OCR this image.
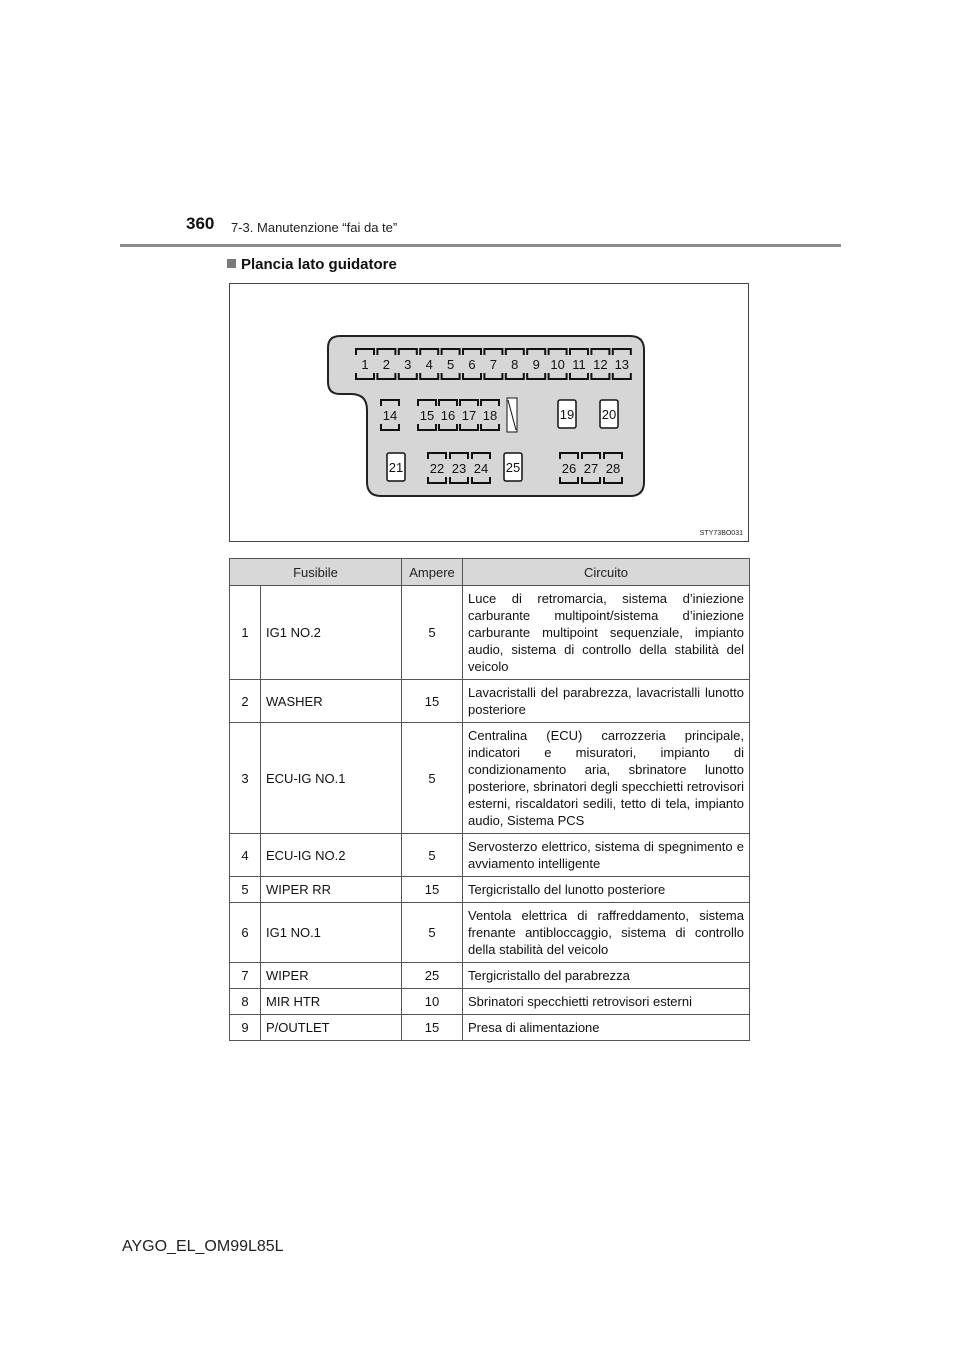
360 7-3. Manutenzione “fai da te”
Plancia lato guidatore
1 2 3 4 5 6 7 8 9 10 11 12 13
14 15 16 17 18	19 20
21 22 23 24 25	26 27 28
STY73BO031
Fusibile		Ampere	Circuito
1	IG1 NO.2	5	Luce di retromarcia, sistema d’iniezione carburante multipoint/sistema d’iniezione carburante multipoint sequenziale, impianto audio, sistema di controllo della stabilità del veicolo
2	WASHER	15	Lavacristalli del parabrezza, lavacristalli lunotto posteriore
3	ECU-IG NO.1	5	Centralina (ECU) carrozzeria principale, indicatori e misuratori, impianto di condizionamento aria, sbrinatore lunotto posteriore, sbrinatori degli specchietti retrovisori esterni, riscaldatori sedili, tetto di tela, impianto audio, Sistema PCS
4	ECU-IG NO.2	5	Servosterzo elettrico, sistema di spegnimento e avviamento intelligente
5	WIPER RR	15	Tergicristallo del lunotto posteriore
6	IG1 NO.1	5	Ventola elettrica di raffreddamento, sistema frenante antibloccaggio, sistema di controllo della stabilità del veicolo
7	WIPER	25	Tergicristallo del parabrezza
8	MIR HTR	10	Sbrinatori specchietti retrovisori esterni
9	P/OUTLET	15	Presa di alimentazione
AYGO_EL_OM99L85L
